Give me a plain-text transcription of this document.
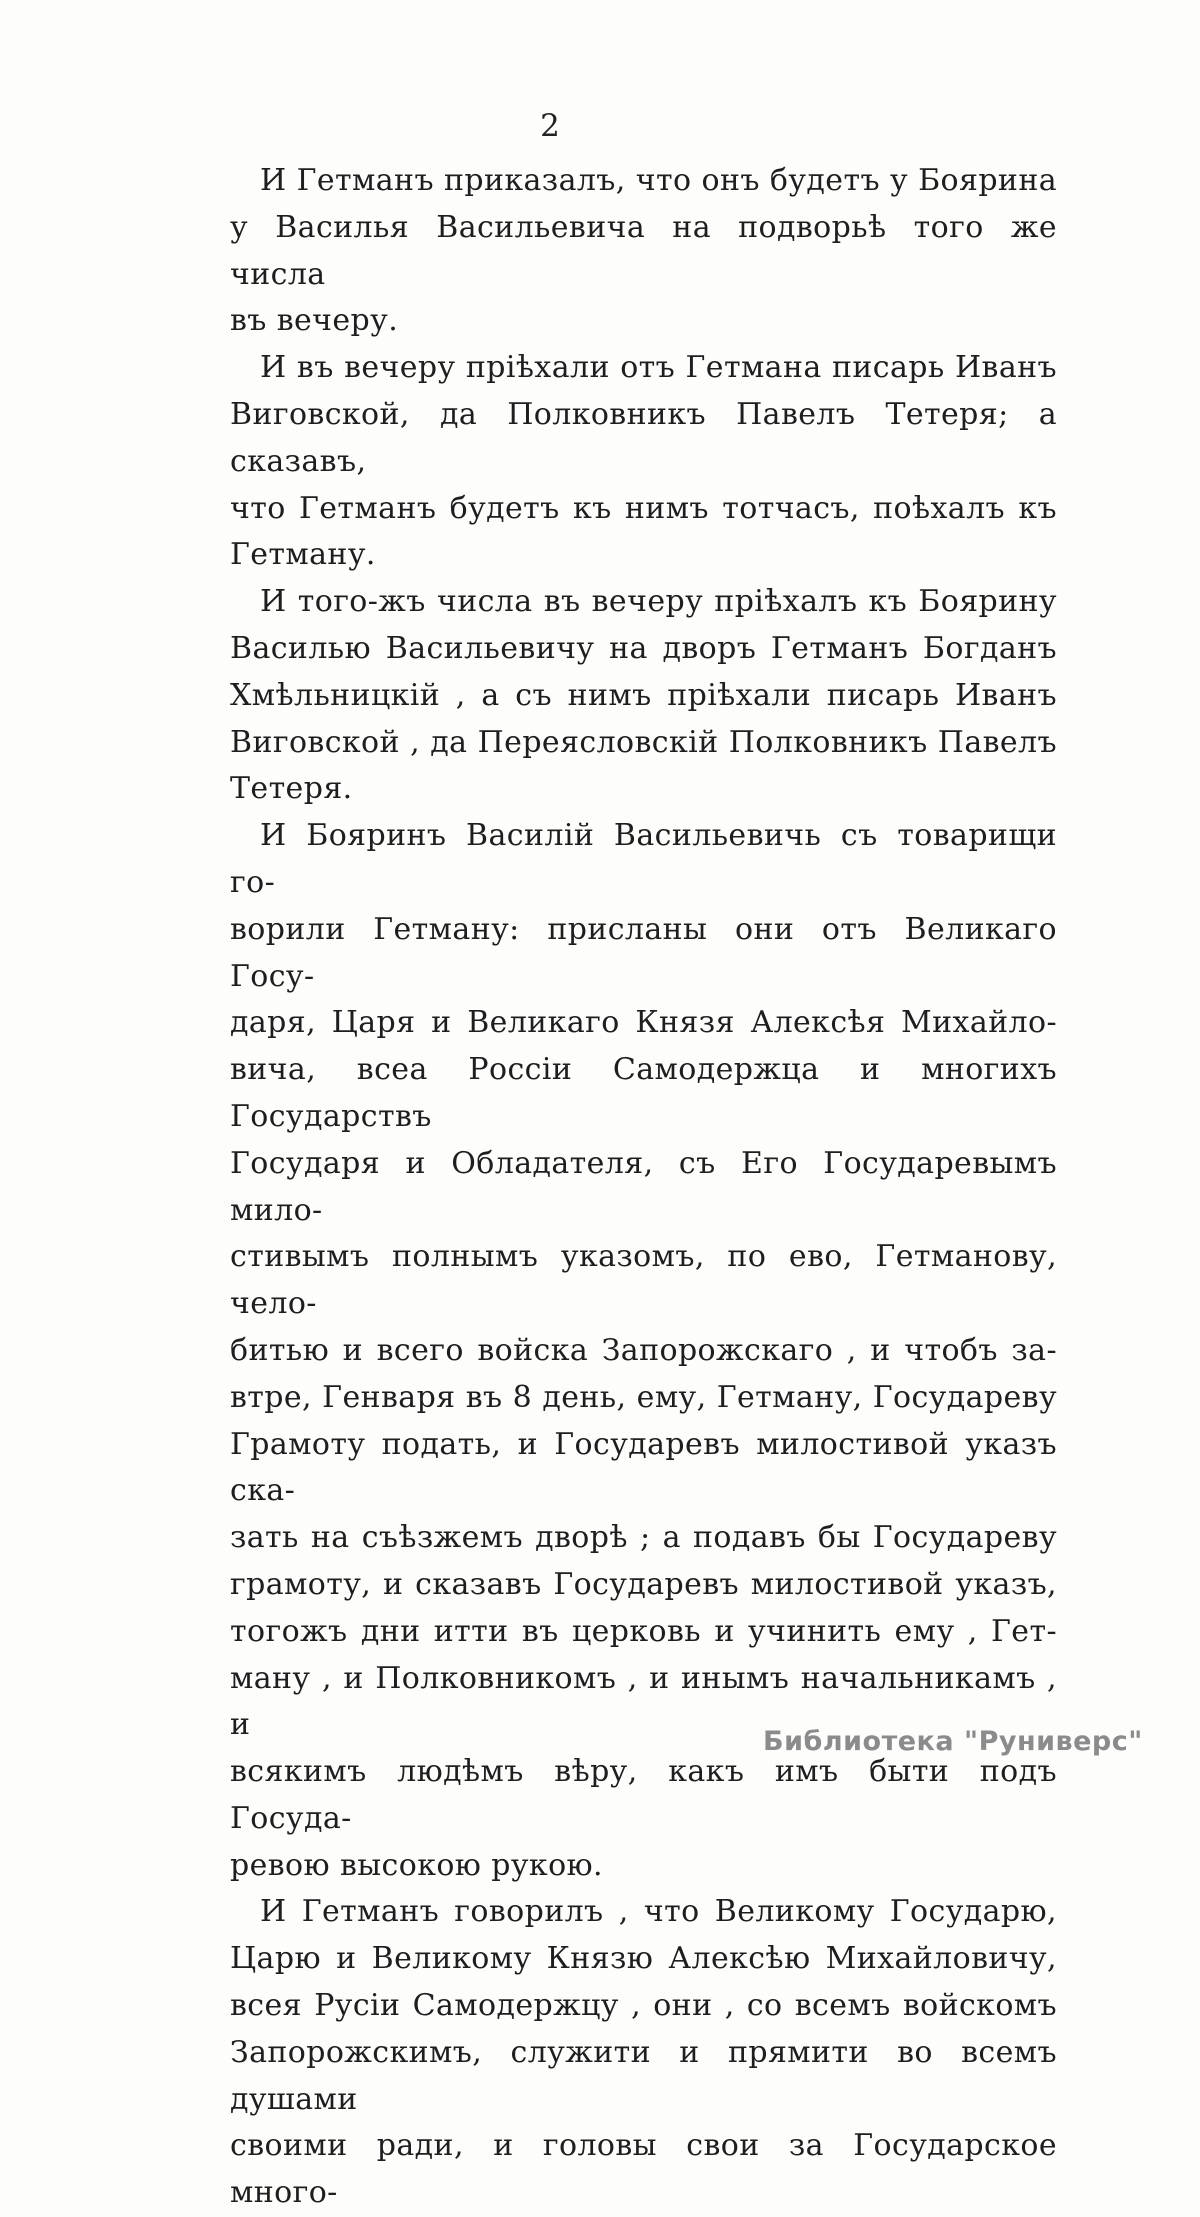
2
И Гетманъ приказалъ, что онъ будетъ у Боярина
у Василья Васильевича на подворьѣ того же числа
въ вечеру.
И въ вечеру пріѣхали отъ Гетмана писарь Иванъ
Виговской, да Полковникъ Павелъ Тетеря; а сказавъ,
что Гетманъ будетъ къ нимъ тотчасъ, поѣхалъ къ
Гетману.
И того-жъ числа въ вечеру пріѣхалъ къ Боярину
Василью Васильевичу на дворъ Гетманъ Богданъ
Хмѣльницкій , а съ нимъ пріѣхали писарь Иванъ
Виговской , да Переясловскій Полковникъ Павелъ
Тетеря.
И Бояринъ Василій Васильевичь съ товарищи го-
ворили Гетману: присланы они отъ Великаго Госу-
даря, Царя и Великаго Князя Алексѣя Михайло-
вича, всеа Россіи Самодержца и многихъ Государствъ
Государя и Обладателя, съ Его Государевымъ мило-
стивымъ полнымъ указомъ, по ево, Гетманову, чело-
битью и всего войска Запорожскаго , и чтобъ за-
втре, Генваря въ 8 день, ему, Гетману, Государеву
Грамоту подать, и Государевъ милостивой указъ ска-
зать на съѣзжемъ дворѣ ; а подавъ бы Государеву
грамоту, и сказавъ Государевъ милостивой указъ,
тогожъ дни итти въ церковь и учинить ему , Гет-
ману , и Полковникомъ , и инымъ начальникамъ , и
всякимъ людѣмъ вѣру, какъ имъ быти подъ Госуда-
ревою высокою рукою.
И Гетманъ говорилъ , что Великому Государю,
Царю и Великому Князю Алексѣю Михайловичу,
всея Русіи Самодержцу , они , со всемъ войскомъ
Запорожскимъ, служити и прямити во всемъ душами
своими ради, и головы свои за Государское много-
Библиотека "Руниверс"
